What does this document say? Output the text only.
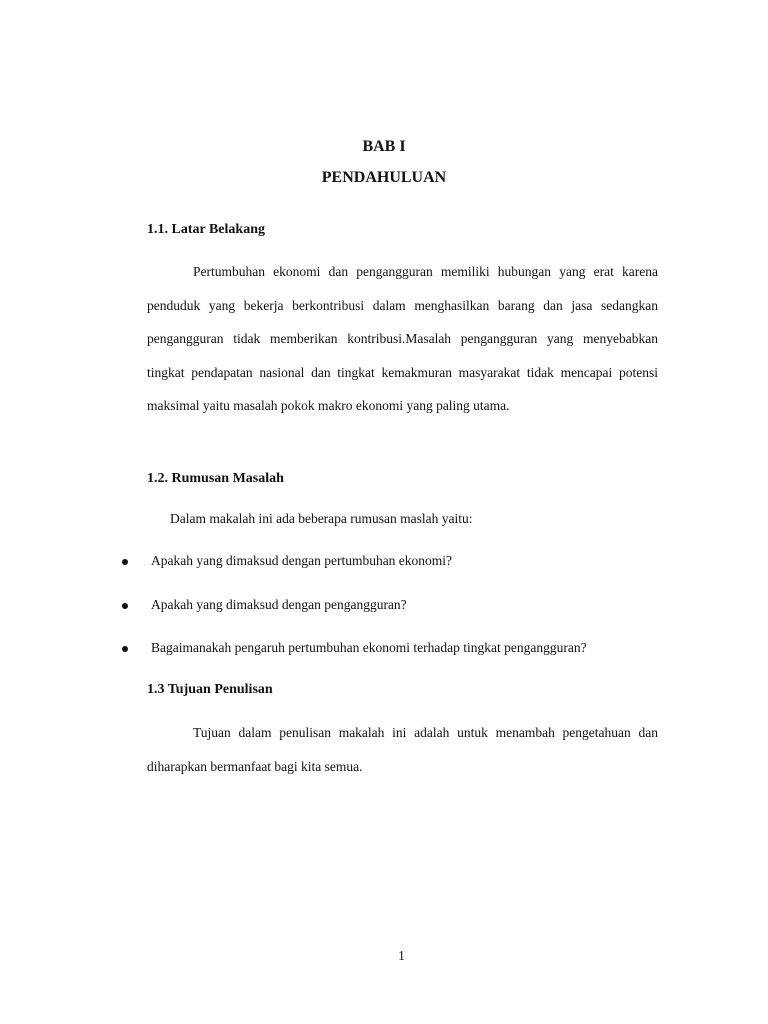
BAB I
PENDAHULUAN
1.1. Latar Belakang

Pertumbuhan ekonomi dan pengangguran memiliki hubungan yang erat karena penduduk yang bekerja berkontribusi dalam menghasilkan barang dan jasa sedangkan pengangguran tidak memberikan kontribusi.Masalah pengangguran yang menyebabkan tingkat pendapatan nasional dan tingkat kemakmuran masyarakat tidak mencapai potensi maksimal yaitu masalah pokok makro ekonomi yang paling utama.

1.2. Rumusan Masalah
Dalam makalah ini ada beberapa rumusan maslah yaitu:
Apakah yang dimaksud dengan pertumbuhan ekonomi?
Apakah yang dimaksud dengan pengangguran?
Bagaimanakah pengaruh pertumbuhan ekonomi terhadap tingkat pengangguran?
1.3 Tujuan Penulisan

Tujuan dalam penulisan makalah ini adalah untuk menambah pengetahuan dan diharapkan bermanfaat bagi kita semua.

1
